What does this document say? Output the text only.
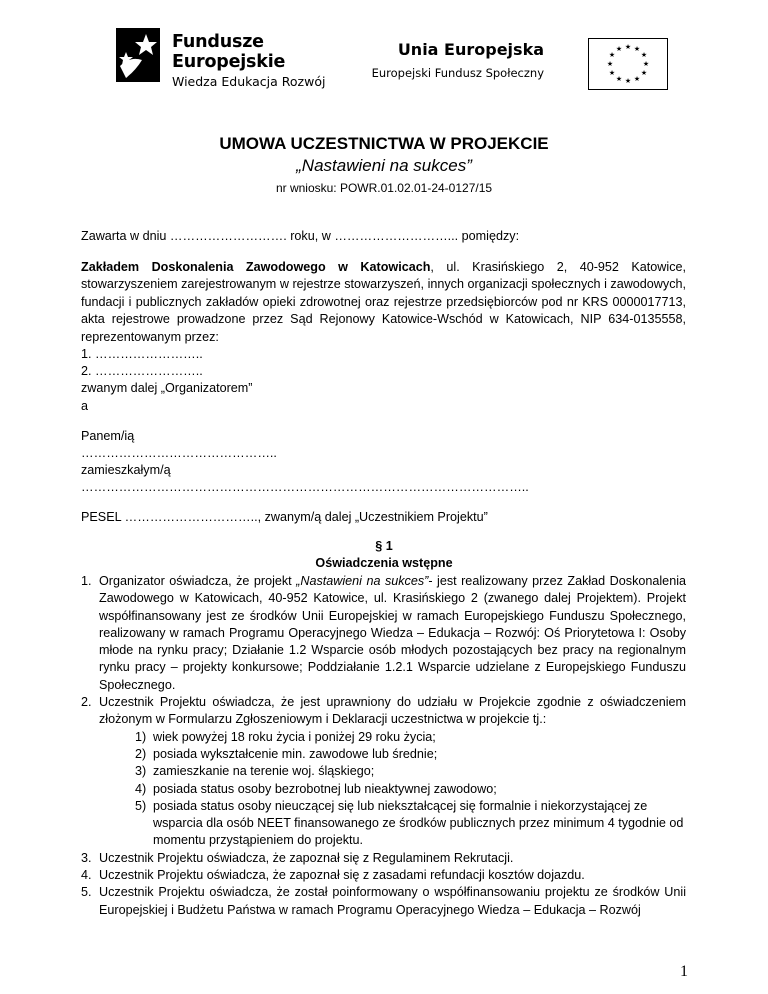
Fundusze
Europejskie
Wiedza Edukacja Rozwój
Unia Europejska
Europejski Fundusz Społeczny
★ ★
★
★
★
★
★
★
★
★
★
★
UMOWA UCZESTNICTWA W PROJEKCIE
„Nastawieni na sukces”
nr wniosku: POWR.01.02.01-24-0127/15
Zawarta w dniu ………………………. roku, w ………………………... pomiędzy:
Zakładem Doskonalenia Zawodowego w Katowicach, ul. Krasińskiego 2, 40-952 Katowice, stowarzyszeniem zarejestrowanym w rejestrze stowarzyszeń, innych organizacji społecznych i zawodowych, fundacji i publicznych zakładów opieki zdrowotnej oraz rejestrze przedsiębiorców pod nr KRS 0000017713, akta rejestrowe prowadzone przez Sąd Rejonowy Katowice-Wschód w Katowicach, NIP 634-0135558, reprezentowanym przez:
1. ……………………..
2. ……………………..
zwanym dalej „Organizatorem”
a
Panem/ią
………………………………………..
zamieszkałym/ą
……………………………………………………………………………………………..
PESEL ………………………….., zwanym/ą dalej „Uczestnikiem Projektu”
§ 1
Oświadczenia wstępne
1. Organizator oświadcza, że projekt „Nastawieni na sukces”- jest realizowany przez Zakład Doskonalenia Zawodowego w Katowicach, 40-952 Katowice, ul. Krasińskiego 2 (zwanego dalej Projektem). Projekt współfinansowany jest ze środków Unii Europejskiej w ramach Europejskiego Funduszu Społecznego, realizowany w ramach Programu Operacyjnego Wiedza – Edukacja – Rozwój: Oś Priorytetowa I: Osoby młode na rynku pracy; Działanie 1.2 Wsparcie osób młodych pozostających bez pracy na regionalnym rynku pracy – projekty konkursowe; Poddziałanie 1.2.1 Wsparcie udzielane z Europejskiego Funduszu Społecznego.
2. Uczestnik Projektu oświadcza, że jest uprawniony do udziału w Projekcie zgodnie z oświadczeniem złożonym w Formularzu Zgłoszeniowym i Deklaracji uczestnictwa w projekcie tj.:
1) wiek powyżej 18 roku życia i poniżej 29 roku życia;
2) posiada wykształcenie min. zawodowe lub średnie;
3) zamieszkanie na terenie woj. śląskiego;
4) posiada status osoby bezrobotnej lub nieaktywnej zawodowo;
5) posiada status osoby nieuczącej się lub niekształcącej się formalnie i niekorzystającej ze wsparcia dla osób NEET finansowanego ze środków publicznych przez minimum 4 tygodnie od momentu przystąpieniem do projektu.
3. Uczestnik Projektu oświadcza, że zapoznał się z Regulaminem Rekrutacji.
4. Uczestnik Projektu oświadcza, że zapoznał się z zasadami refundacji kosztów dojazdu.
5. Uczestnik Projektu oświadcza, że został poinformowany o współfinansowaniu projektu ze środków Unii Europejskiej i Budżetu Państwa w ramach Programu Operacyjnego Wiedza – Edukacja – Rozwój
1
